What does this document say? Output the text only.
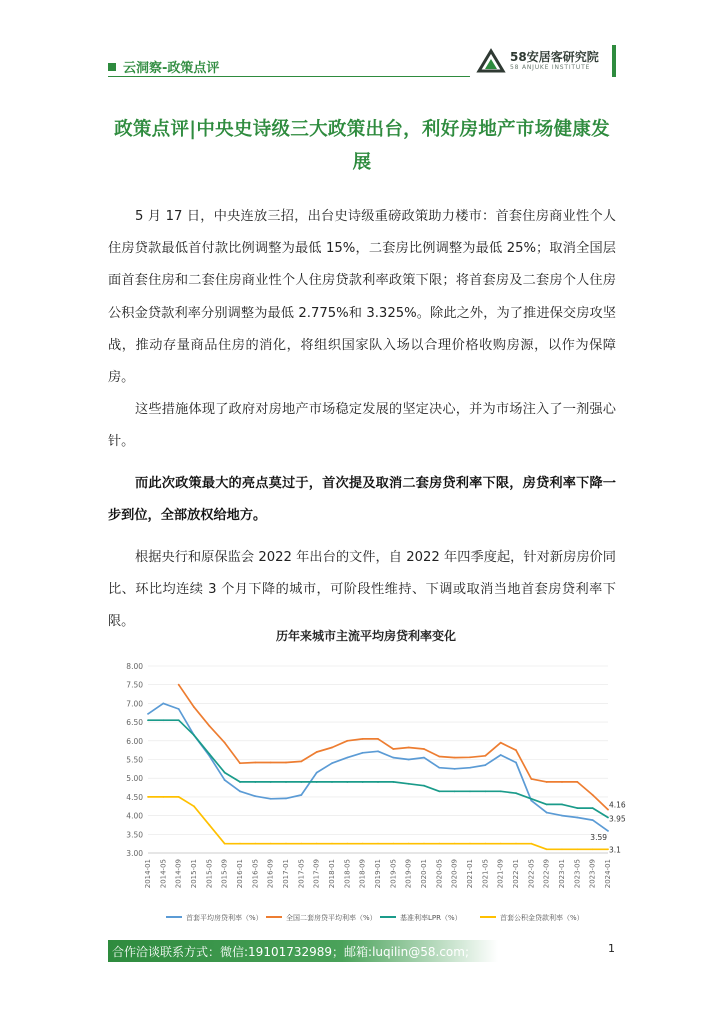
云洞察-政策点评
58安居客研究院
58 ANJUKE INSTITUTE
政策点评|中央史诗级三大政策出台，利好房地产市场健康发展

5 月 17 日，中央连放三招，出台史诗级重磅政策助力楼市：首套住房商业性个人住房贷款最低首付款比例调整为最低 15%，二套房比例调整为最低 25%；取消全国层面首套住房和二套住房商业性个人住房贷款利率政策下限；将首套房及二套房个人住房公积金贷款利率分别调整为最低 2.775%和 3.325%。除此之外，为了推进保交房攻坚战，推动存量商品住房的消化，将组织国家队入场以合理价格收购房源，以作为保障房。

这些措施体现了政府对房地产市场稳定发展的坚定决心，并为市场注入了一剂强心针。

而此次政策最大的亮点莫过于，首次提及取消二套房贷利率下限，房贷利率下降一步到位，全部放权给地方。

根据央行和原保监会 2022 年出台的文件，自 2022 年四季度起，针对新房房价同比、环比均连续 3 个月下降的城市，可阶段性维持、下调或取消当地首套房贷利率下限。

历年来城市主流平均房贷利率变化
8.00
7.50
7.00
6.50
6.00
5.50
5.00
4.50
4.00
3.50
3.00
2014-01 2014-05 2014-09 2015-01 2015-05 2015-09 2016-01 2016-05 2016-09 2017-01 2017-05 2017-09 2018-01 2018-05 2018-09 2019-01 2019-05 2019-09 2020-01 2020-05 2020-09 2021-01 2021-05 2021-09 2022-01 2022-05 2022-09 2023-01 2023-05 2023-09 2024-01
4.16
3.95
3.59
3.1
首套平均房贷利率（%）	全国二套房贷平均利率（%）	基准利率LPR（%）	首套公积金贷款利率（%）
合作洽谈联系方式：微信:19101732989；邮箱:luqilin@58.com;	1
